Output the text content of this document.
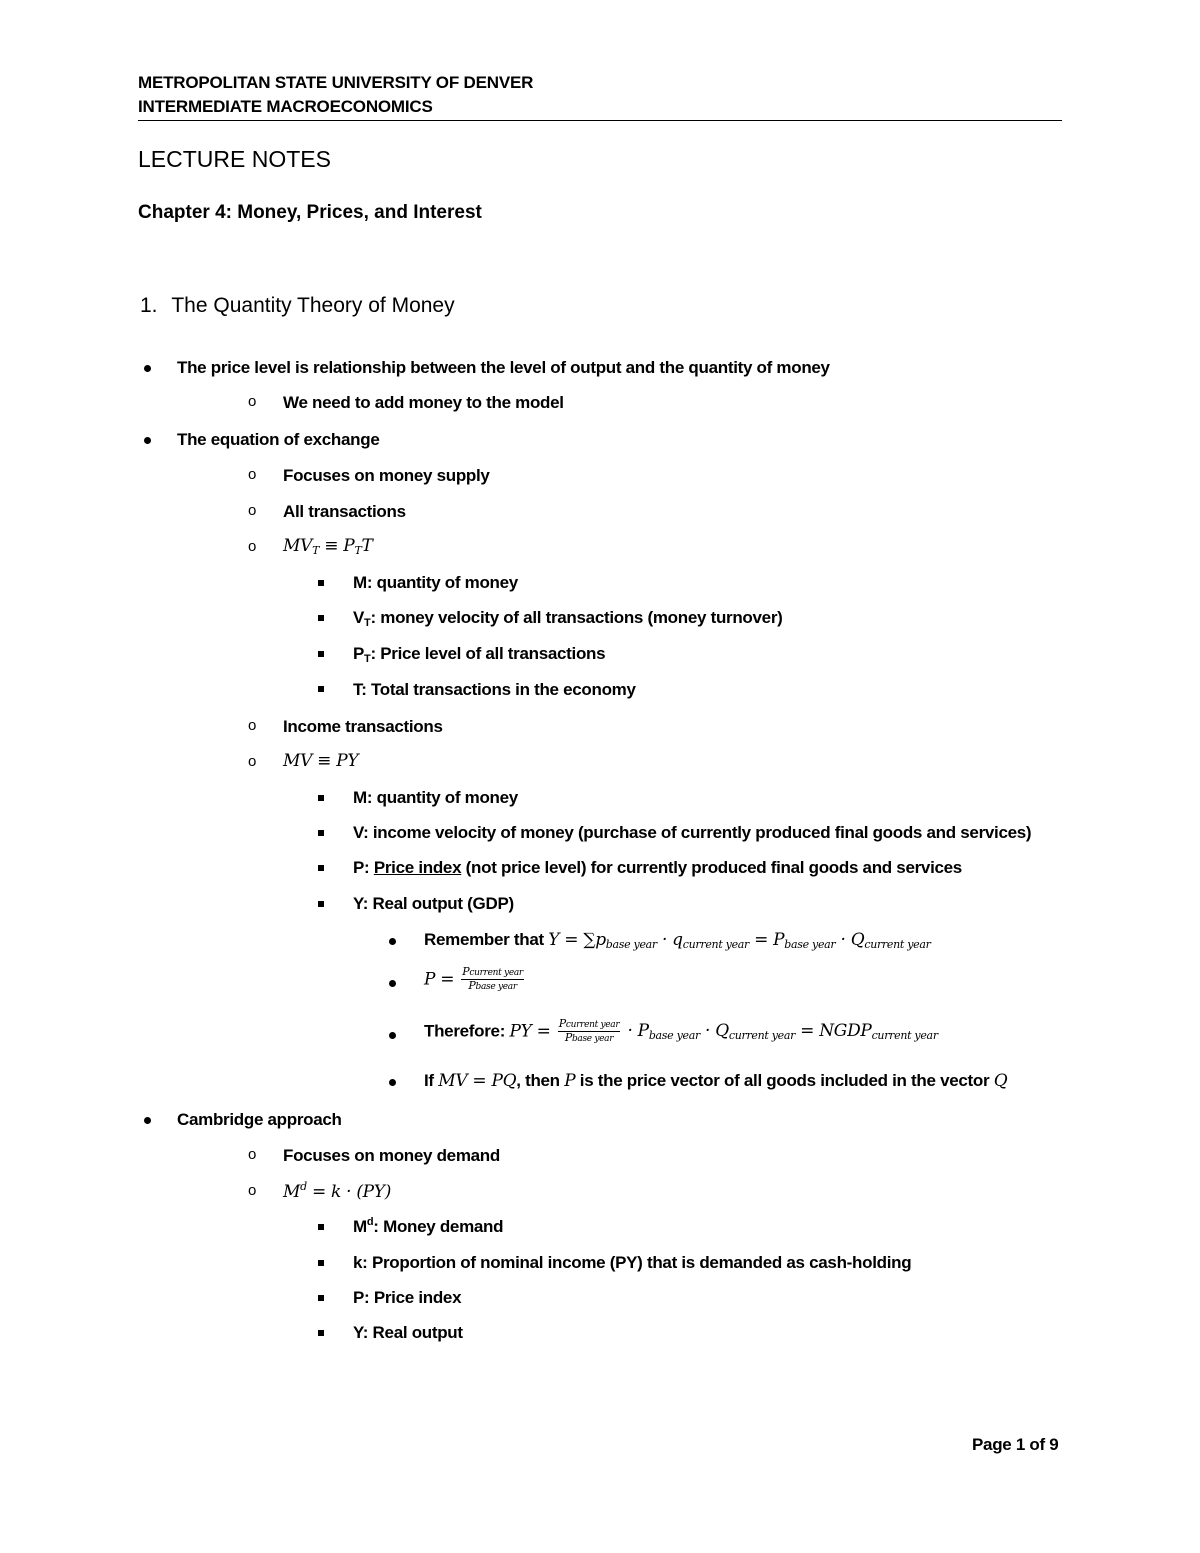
METROPOLITAN STATE UNIVERSITY OF DENVER
INTERMEDIATE MACROECONOMICS
LECTURE NOTES
Chapter 4: Money, Prices, and Interest
1. The Quantity Theory of Money
The price level is relationship between the level of output and the quantity of money
o We need to add money to the model
The equation of exchange
o Focuses on money supply
o All transactions
o $MV_T \equiv P_TT$
M: quantity of money
$V_T$: money velocity of all transactions (money turnover)
$P_T$: Price level of all transactions
T: Total transactions in the economy
o Income transactions
o MV ≡ PY
M: quantity of money
V: income velocity of money (purchase of currently produced final goods and services)
P: Price index (not price level) for currently produced final goods and services
Y: Real output (GDP)
Remember that $Y = \sum p_{base year} \cdot q_{current year} = P_{base year} \cdot Q_{current year}$
$P = \frac{\text{Pcurrent year}}{\text{Pbase year}}$
Therefore: PY = $\frac{\text{Pcurrent year}}{\text{Pbase year}} \cdot P_{base year} \cdot Q_{current year}$ = $NGDP_{current year}$
If MV = PQ, then P is the price vector of all goods included in the vector Q
Cambridge approach
o Focuses on money demand
o $M^d = k \cdot (PY)$
$M^d$: Money demand
k: Proportion of nominal income (PY) that is demanded as cash-holding
P: Price index
Y: Real output
Page 1 of 9
